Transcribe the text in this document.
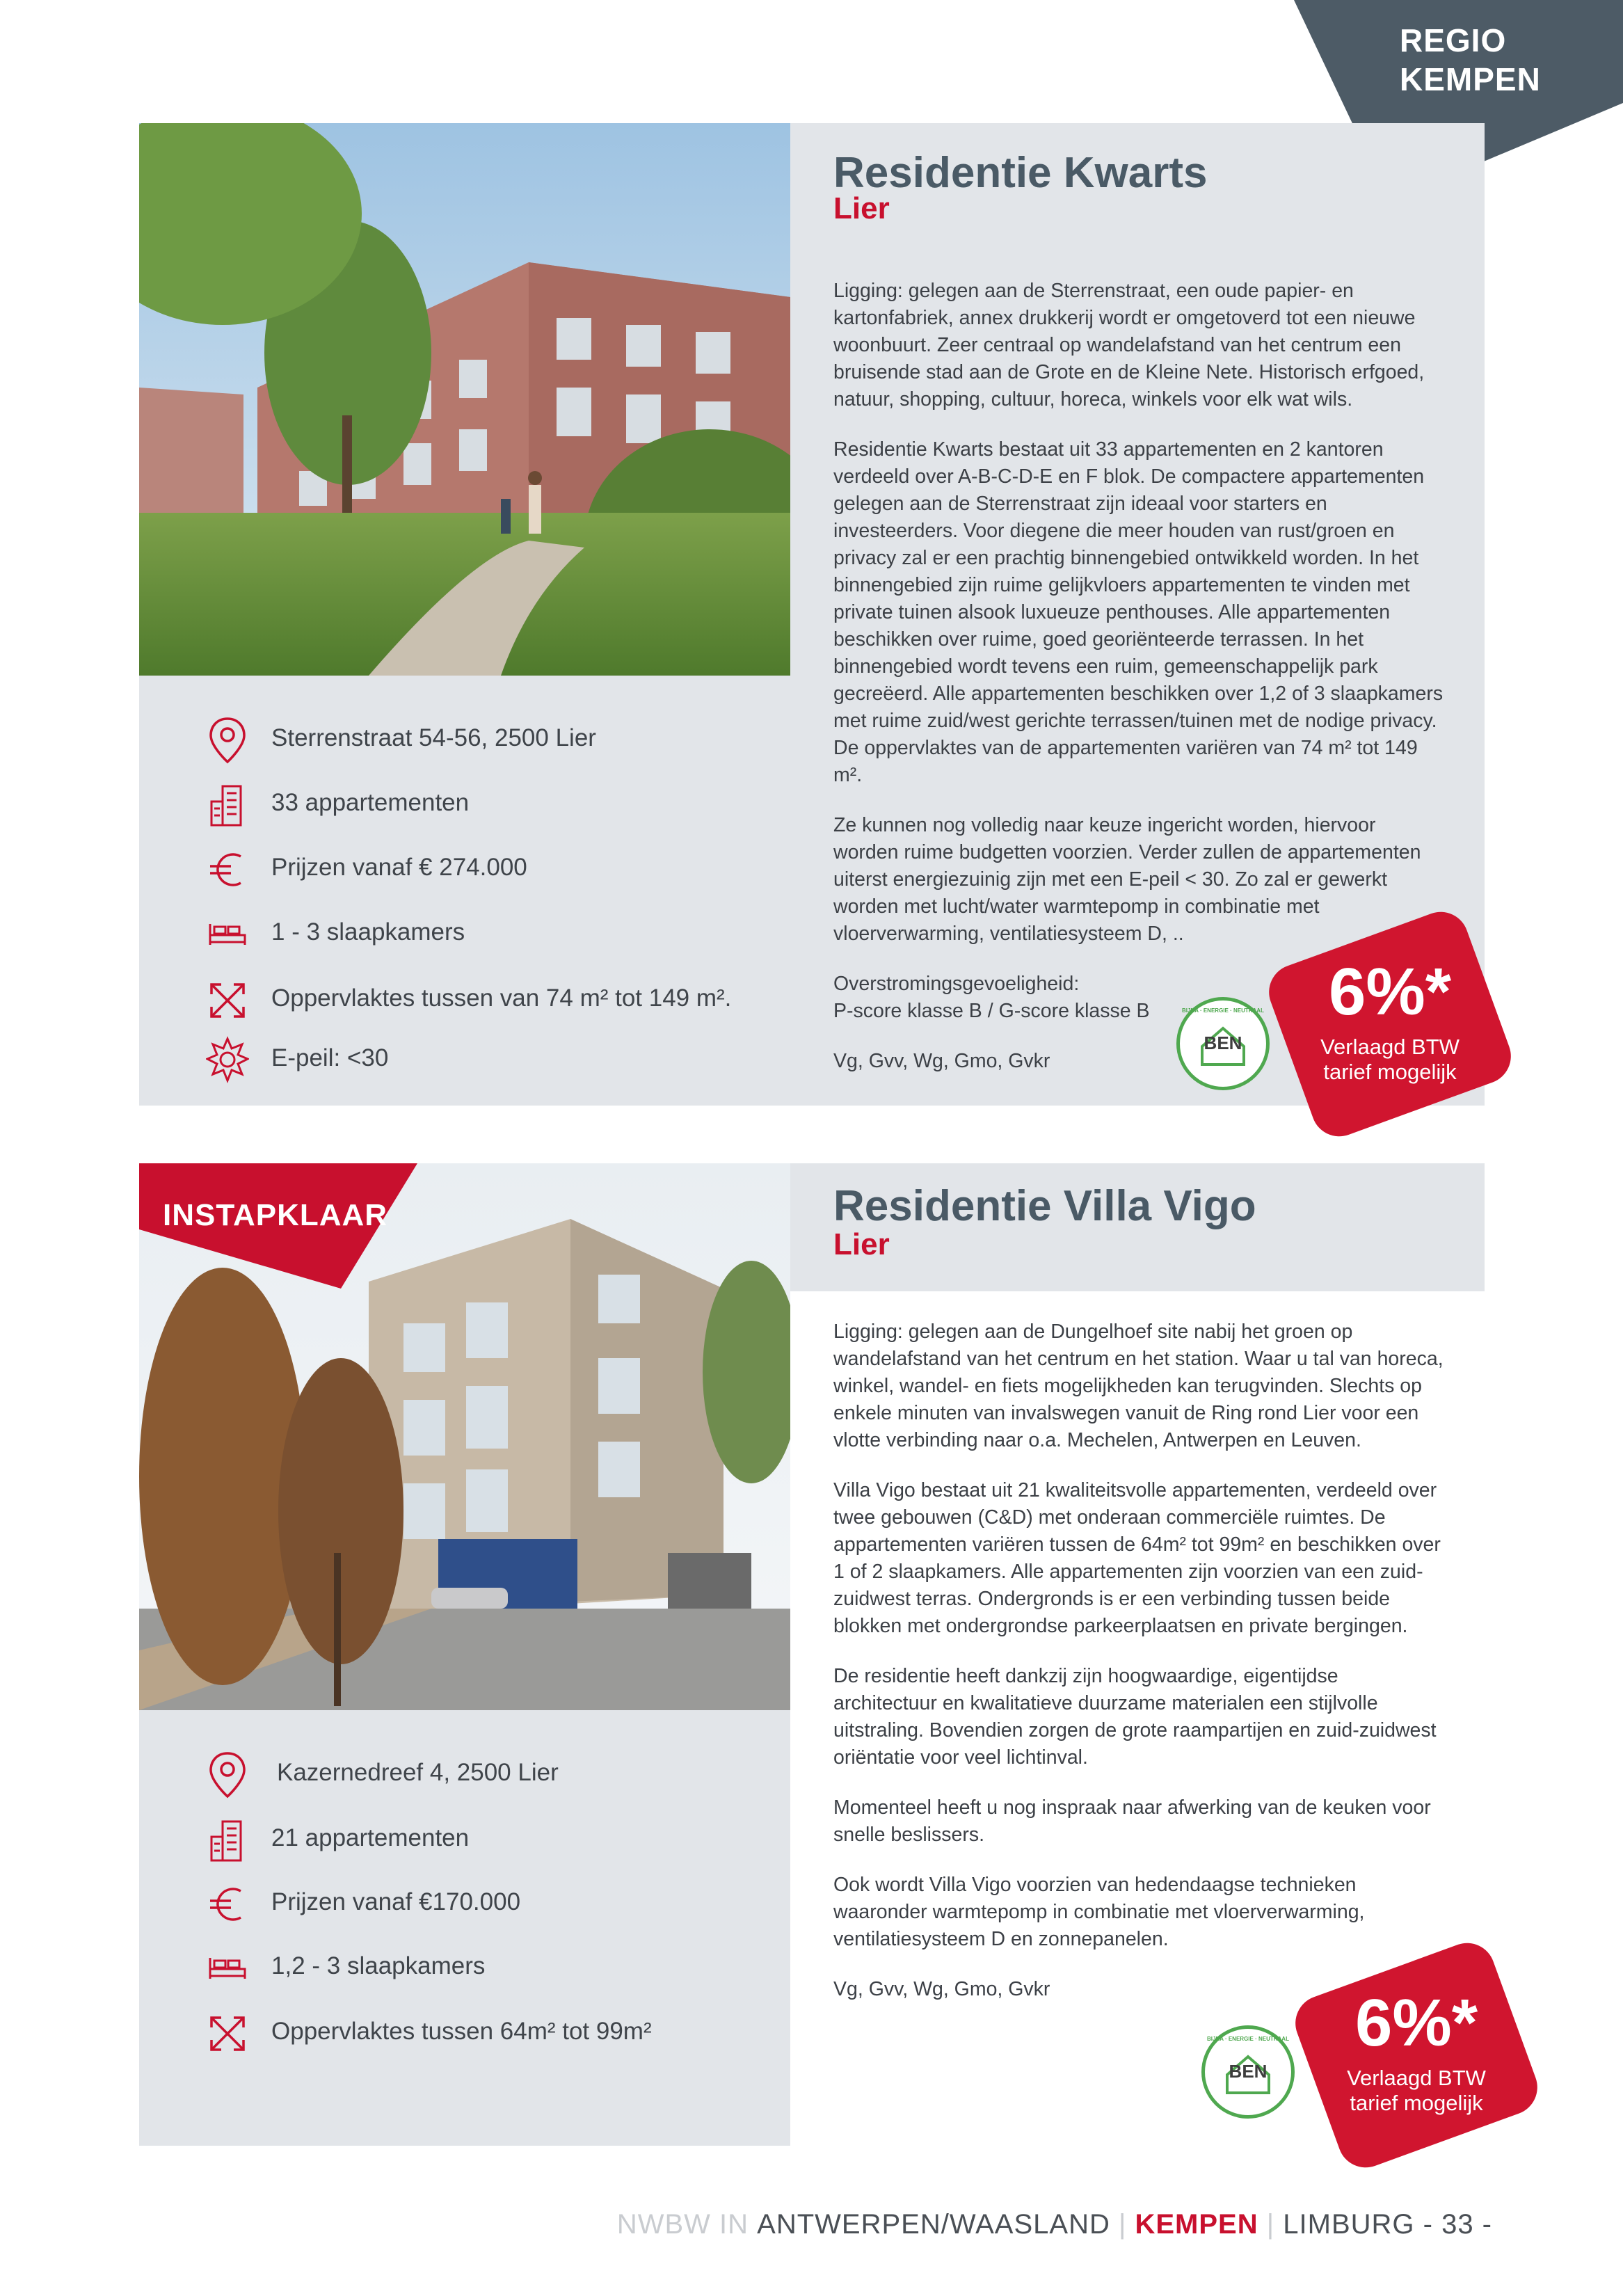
REGIO
KEMPEN
Sterrenstraat 54-56, 2500 Lier
33 appartementen
Prijzen vanaf € 274.000
1 - 3 slaapkamers
Oppervlaktes tussen van 74 m² tot 149 m².
E-peil: <30
Residentie Kwarts
Lier

Ligging: gelegen aan de Sterrenstraat, een oude papier- en kartonfabriek, annex drukkerij wordt er omgetoverd tot een nieuwe woonbuurt. Zeer centraal op wandelafstand van het centrum een bruisende stad aan de Grote en de Kleine Nete. Historisch erfgoed, natuur, shopping, cultuur, horeca, winkels voor elk wat wils.

Residentie Kwarts bestaat uit 33 appartementen en 2 kantoren verdeeld over A-B-C-D-E en F blok. De compactere appartementen gelegen aan de Sterrenstraat zijn ideaal voor starters en investeerders. Voor diegene die meer houden van rust/groen en privacy zal er een prachtig binnengebied ontwikkeld worden. In het binnengebied zijn ruime gelijkvloers appartementen te vinden met private tuinen alsook luxueuze penthouses. Alle appartementen beschikken over ruime, goed georiënteerde terrassen. In het binnengebied wordt tevens een ruim, gemeenschappelijk park gecreëerd. Alle appartementen beschikken over 1,2 of 3 slaapkamers met ruime zuid/west gerichte terrassen/tuinen met de nodige privacy. De oppervlaktes van de appartementen variëren van 74 m² tot 149 m².

Ze kunnen nog volledig naar keuze ingericht worden, hiervoor worden ruime budgetten voorzien. Verder zullen de appartementen uiterst energiezuinig zijn met een E-peil < 30. Zo zal er gewerkt worden met lucht/water warmtepomp in combinatie met vloerverwarming, ventilatiesysteem D, ..

Overstromingsgevoeligheid:
P-score klasse B / G-score klasse B

Vg, Gvv, Wg, Gmo, Gvkr

BEN
BIJNA · ENERGIE · NEUTRAAL 6%*
Verlaagd BTW
tarief mogelijk
INSTAPKLAAR
Kazernedreef 4, 2500 Lier
21 appartementen
Prijzen vanaf €170.000
1,2 - 3 slaapkamers
Oppervlaktes tussen 64m² tot 99m²
Residentie Villa Vigo
Lier

Ligging: gelegen aan de Dungelhoef site nabij het groen op wandelafstand van het centrum en het station. Waar u tal van horeca, winkel, wandel- en fiets mogelijkheden kan terugvinden. Slechts op enkele minuten van invalswegen vanuit de Ring rond Lier voor een vlotte verbinding naar o.a. Mechelen, Antwerpen en Leuven.

Villa Vigo bestaat uit 21 kwaliteitsvolle appartementen, verdeeld over twee gebouwen (C&D) met onderaan commerciële ruimtes. De appartementen variëren tussen de 64m² tot 99m² en beschikken over 1 of 2 slaapkamers. Alle appartementen zijn voorzien van een zuid-zuidwest terras. Ondergronds is er een verbinding tussen beide blokken met ondergrondse parkeerplaatsen en private bergingen.

De residentie heeft dankzij zijn hoogwaardige, eigentijdse architectuur en kwalitatieve duurzame materialen een stijlvolle uitstraling. Bovendien zorgen de grote raampartijen en zuid-zuidwest oriëntatie voor veel lichtinval.

Momenteel heeft u nog inspraak naar afwerking van de keuken voor snelle beslissers.

Ook wordt Villa Vigo voorzien van hedendaagse technieken waaronder warmtepomp in combinatie met vloerverwarming, ventilatiesysteem D en zonnepanelen.

Vg, Gvv, Wg, Gmo, Gvkr

BEN
BIJNA · ENERGIE · NEUTRAAL 6%*
Verlaagd BTW
tarief mogelijk
NWBW IN ANTWERPEN/WAASLAND | KEMPEN | LIMBURG - 33 -
